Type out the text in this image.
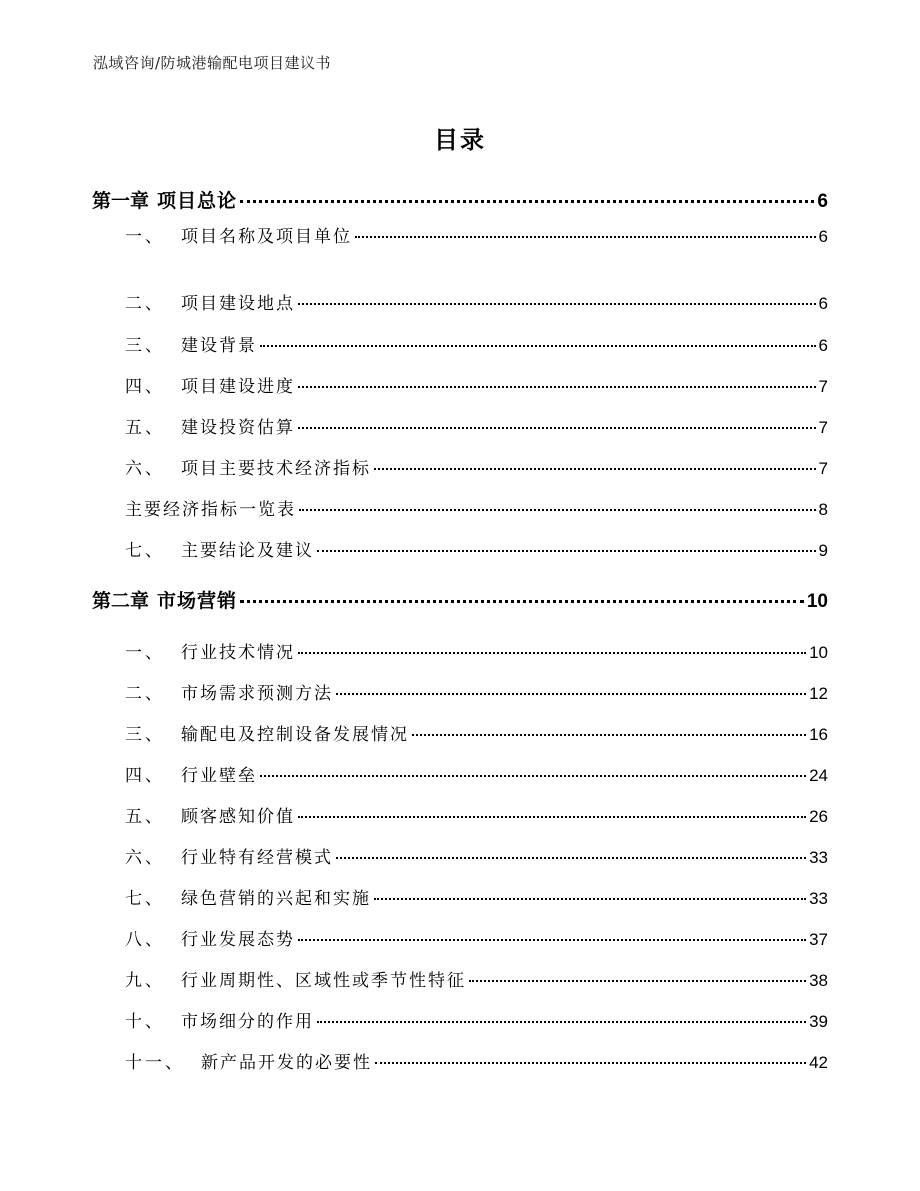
泓域咨询/防城港输配电项目建议书
目录
第一章 项目总论	6
一、 项目名称及项目单位	6
二、 项目建设地点	6
三、 建设背景	6
四、 项目建设进度	7
五、 建设投资估算	7
六、 项目主要技术经济指标	7
主要经济指标一览表	8
七、 主要结论及建议	9
第二章 市场营销	10
一、 行业技术情况	10
二、 市场需求预测方法	12
三、 输配电及控制设备发展情况	16
四、 行业壁垒	24
五、 顾客感知价值	26
六、 行业特有经营模式	33
七、 绿色营销的兴起和实施	33
八、 行业发展态势	37
九、 行业周期性、区域性或季节性特征	38
十、 市场细分的作用	39
十一、 新产品开发的必要性	42
